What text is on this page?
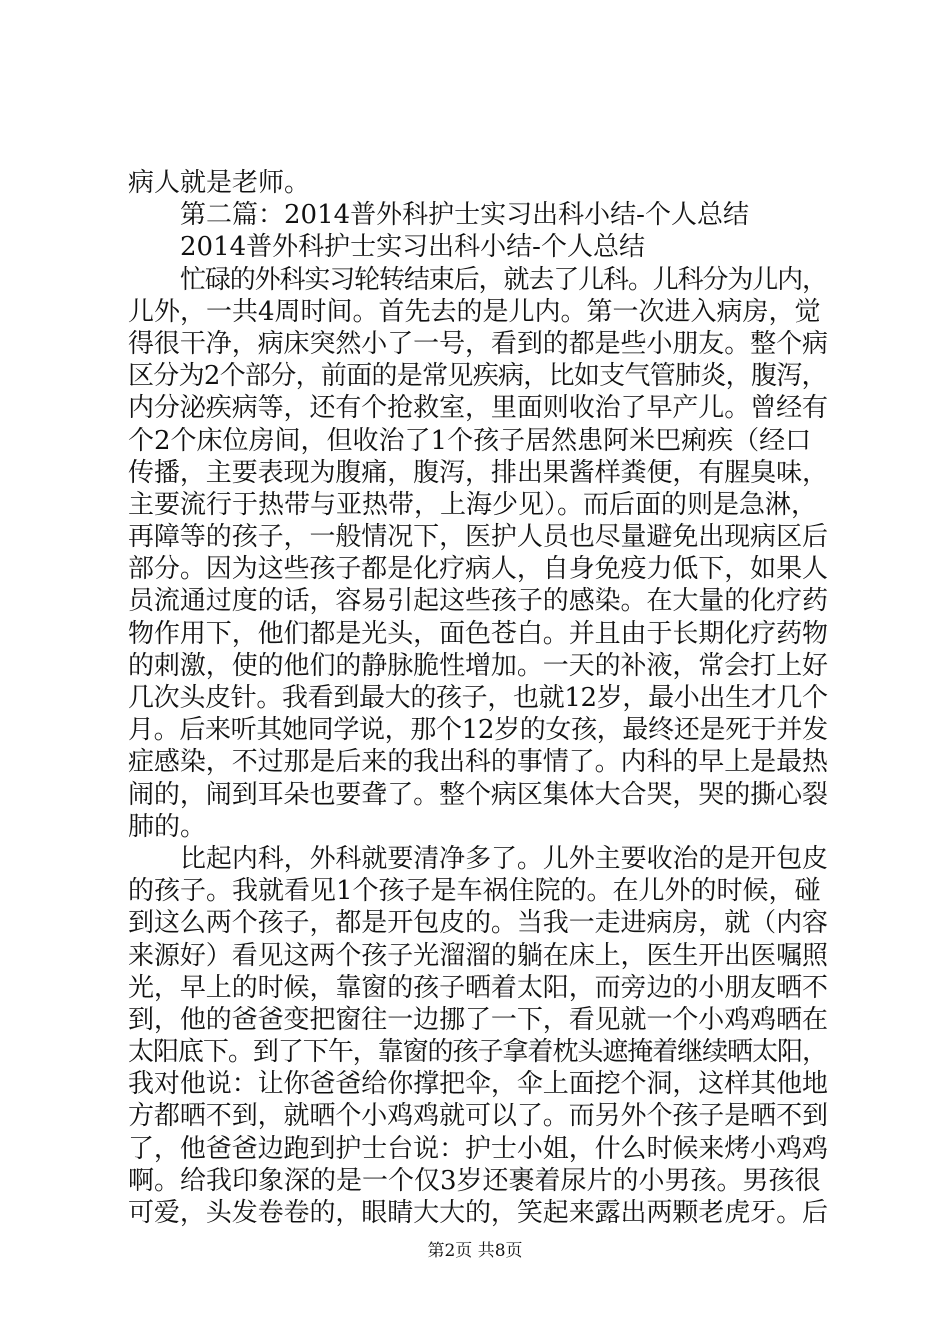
病人就是老师。
第二篇：2014普外科护士实习出科小结-个人总结
2014普外科护士实习出科小结-个人总结
忙碌的外科实习轮转结束后，就去了儿科。儿科分为儿内，
儿外，一共4周时间。首先去的是儿内。第一次进入病房，觉
得很干净，病床突然小了一号，看到的都是些小朋友。整个病
区分为2个部分，前面的是常见疾病，比如支气管肺炎，腹泻，
内分泌疾病等，还有个抢救室，里面则收治了早产儿。曾经有
个2个床位房间，但收治了1个孩子居然患阿米巴痢疾（经口
传播，主要表现为腹痛，腹泻，排出果酱样粪便，有腥臭味，
主要流行于热带与亚热带，上海少见）。而后面的则是急淋，
再障等的孩子，一般情况下，医护人员也尽量避免出现病区后
部分。因为这些孩子都是化疗病人，自身免疫力低下，如果人
员流通过度的话，容易引起这些孩子的感染。在大量的化疗药
物作用下，他们都是光头，面色苍白。并且由于长期化疗药物
的刺激，使的他们的静脉脆性增加。一天的补液，常会打上好
几次头皮针。我看到最大的孩子，也就12岁，最小出生才几个
月。后来听其她同学说，那个12岁的女孩，最终还是死于并发
症感染，不过那是后来的我出科的事情了。内科的早上是最热
闹的，闹到耳朵也要聋了。整个病区集体大合哭，哭的撕心裂
肺的。
比起内科，外科就要清净多了。儿外主要收治的是开包皮
的孩子。我就看见1个孩子是车祸住院的。在儿外的时候，碰
到这么两个孩子，都是开包皮的。当我一走进病房，就（内容
来源好）看见这两个孩子光溜溜的躺在床上，医生开出医嘱照
光，早上的时候，靠窗的孩子晒着太阳，而旁边的小朋友晒不
到，他的爸爸变把窗往一边挪了一下，看见就一个小鸡鸡晒在
太阳底下。到了下午，靠窗的孩子拿着枕头遮掩着继续晒太阳，
我对他说：让你爸爸给你撑把伞，伞上面挖个洞，这样其他地
方都晒不到，就晒个小鸡鸡就可以了。而另外个孩子是晒不到
了，他爸爸边跑到护士台说：护士小姐，什么时候来烤小鸡鸡
啊。给我印象深的是一个仅3岁还裹着尿片的小男孩。男孩很
可爱，头发卷卷的，眼睛大大的，笑起来露出两颗老虎牙。后
第2页 共8页
